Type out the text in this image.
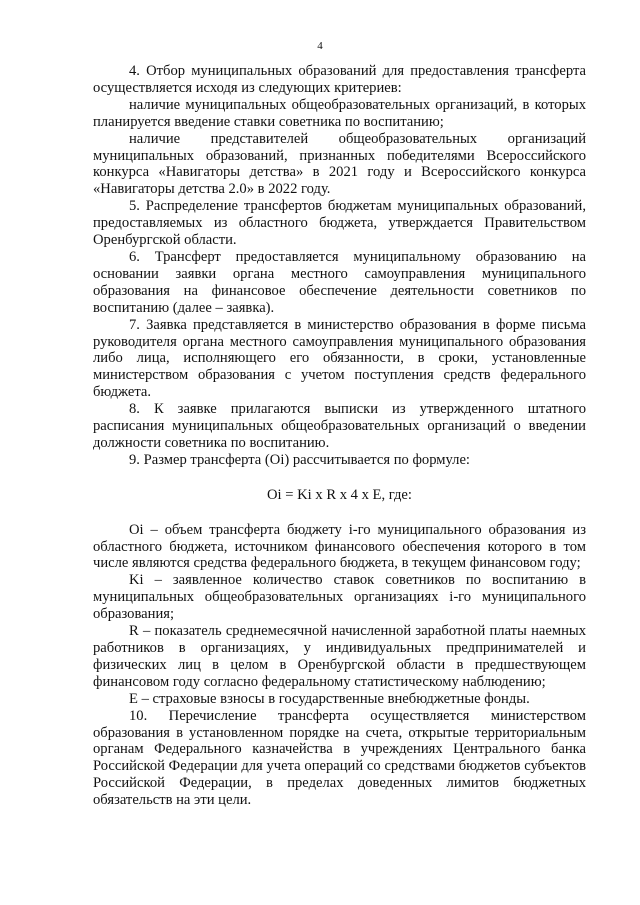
4

4. Отбор муниципальных образований для предоставления трансферта осуществляется исходя из следующих критериев:

наличие муниципальных общеобразовательных организаций, в которых планируется введение ставки советника по воспитанию;

наличие представителей общеобразовательных организаций муниципальных образований, признанных победителями Всероссийского конкурса «Навигаторы детства» в 2021 году и Всероссийского конкурса «Навигаторы детства 2.0» в 2022 году.

5. Распределение трансфертов бюджетам муниципальных образований, предоставляемых из областного бюджета, утверждается Правительством Оренбургской области.

6. Трансферт предоставляется муниципальному образованию на основании заявки органа местного самоуправления муниципального образования на финансовое обеспечение деятельности советников по воспитанию (далее – заявка).

7. Заявка представляется в министерство образования в форме письма руководителя органа местного самоуправления муниципального образования либо лица, исполняющего его обязанности, в сроки, установленные министерством образования с учетом поступления средств федерального бюджета.

8. К заявке прилагаются выписки из утвержденного штатного расписания муниципальных общеобразовательных организаций о введении должности советника по воспитанию.

9. Размер трансферта (Oi) рассчитывается по формуле:

Oi = Ki x R x 4 x E, где:

Oi – объем трансферта бюджету i-го муниципального образования из областного бюджета, источником финансового обеспечения которого в том числе являются средства федерального бюджета, в текущем финансовом году;

Ki – заявленное количество ставок советников по воспитанию в муниципальных общеобразовательных организациях i-го муниципального образования;

R – показатель среднемесячной начисленной заработной платы наемных работников в организациях, у индивидуальных предпринимателей и физических лиц в целом в Оренбургской области в предшествующем финансовом году согласно федеральному статистическому наблюдению;

E – страховые взносы в государственные внебюджетные фонды.

10. Перечисление трансферта осуществляется министерством образования в установленном порядке на счета, открытые территориальным органам Федерального казначейства в учреждениях Центрального банка Российской Федерации для учета операций со средствами бюджетов субъектов Российской Федерации, в пределах доведенных лимитов бюджетных обязательств на эти цели.
